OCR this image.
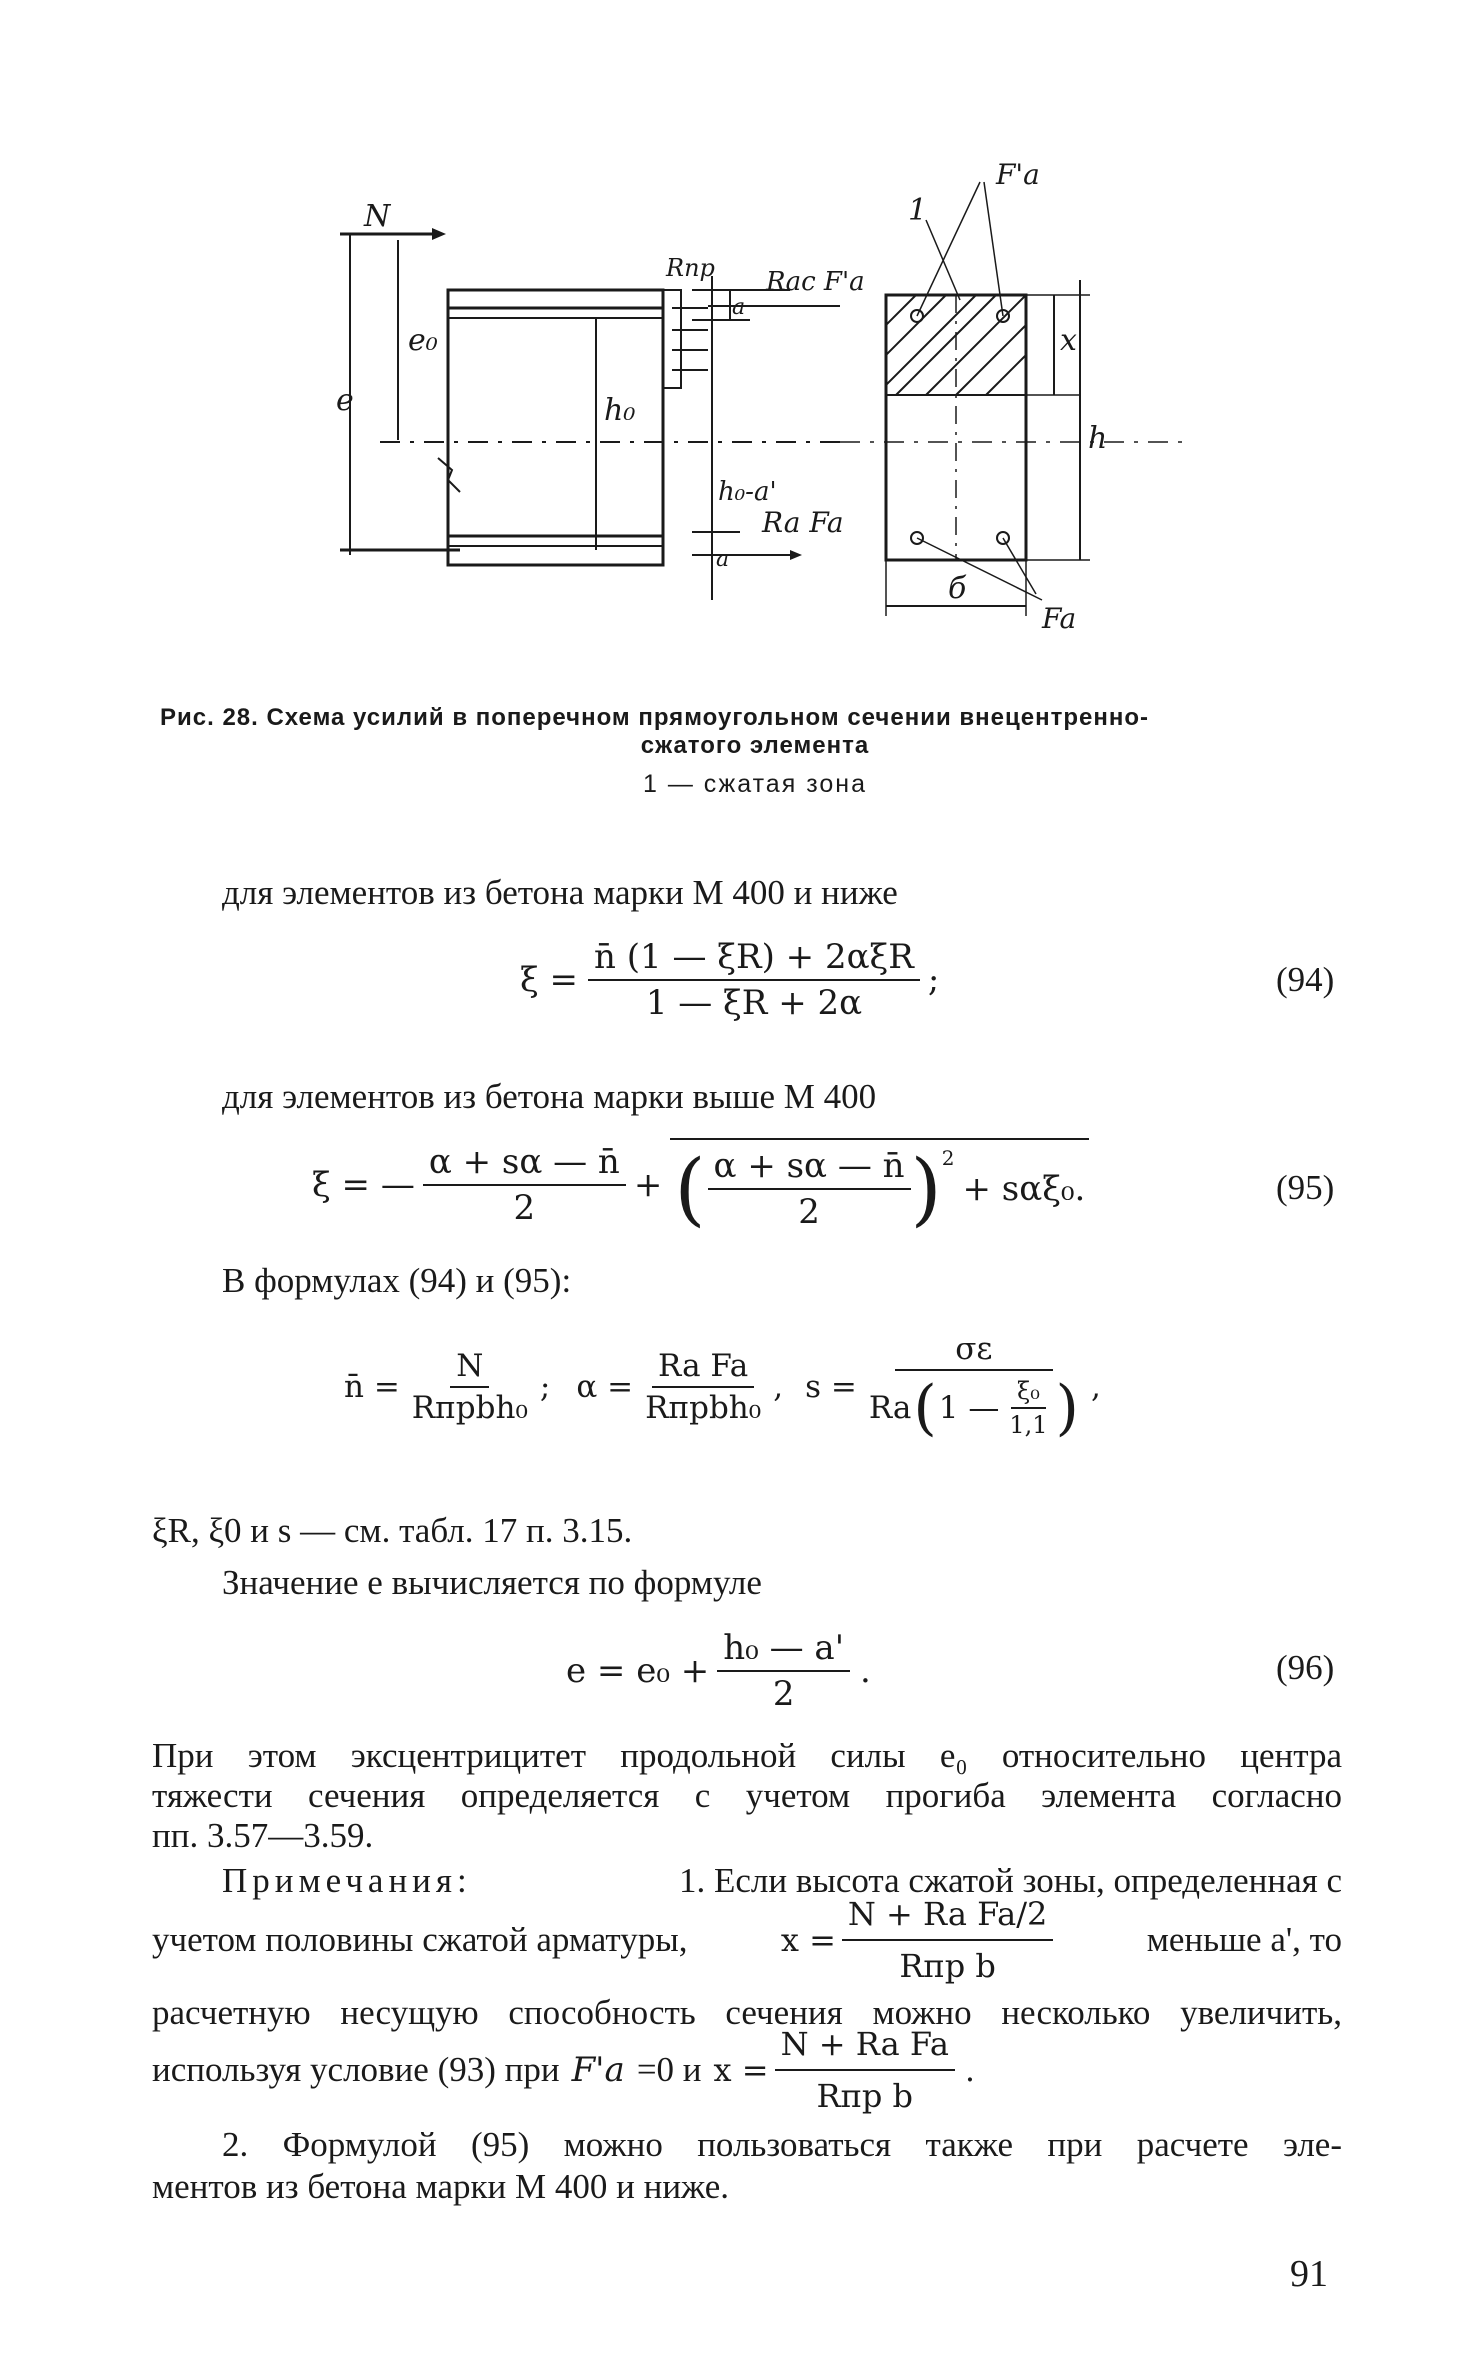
N
e
e₀
h₀
Rпр
a
Rас F'а
h₀-a'
Ra Fa
a
F'a
1
x
h
б
Fa
Рис. 28. Схема усилий в поперечном прямоугольном сечении внецентренно-
сжатого элемента
1 — сжатая зона
для элементов из бетона марки М 400 и ниже
$\xi = \frac{\text{n̄ (1 — ξR) + 2αξR}}{1 — \xi R + 2\alpha}$ ;	(94)
для элементов из бетона марки выше М 400
ξ = — $\frac{\alpha + s\alpha — n̄}{2}$ + ( $\frac{\alpha + s\alpha — n̄}{2}$ ) 2
+ sαξ₀.	(95)
В формулах (94) и (95):
n̄ = $\frac{N}{\text{Rпрbh₀}}$ ; $\alpha = \frac{\text{Ra Fa}}{\text{Rпрbh₀}}$ , s =
σε
Ra ( 1 — $\frac{\text{ξ₀}}{1,1}$ ) ,
ξR, ξ0 и s — см. табл. 17 п. 3.15.
Значение e вычисляется по формуле
$e = e_0 + \frac{\text{h₀ — a'}}{2}$ .	(96)
При этом эксцентрицитет продольной силы e₀ относительно центра
тяжести сечения определяется с учетом прогиба элемента согласно
пп. 3.57—3.59.
Примечания:	1. Если высота сжатой зоны, определенная с
учетом половины сжатой арматуры,	$x = \frac{\text{N + Ra Fa/2}}{\text{Rпр b}}$	меньше a', то
расчетную несущую способность сечения можно несколько увеличить,
используя условие (93) при F'a =0 и $x = \frac{\text{N + Ra Fa}}{\text{Rпр b}}$ .
2. Формулой (95) можно пользоваться также при расчете эле-
ментов из бетона марки М 400 и ниже.
91
